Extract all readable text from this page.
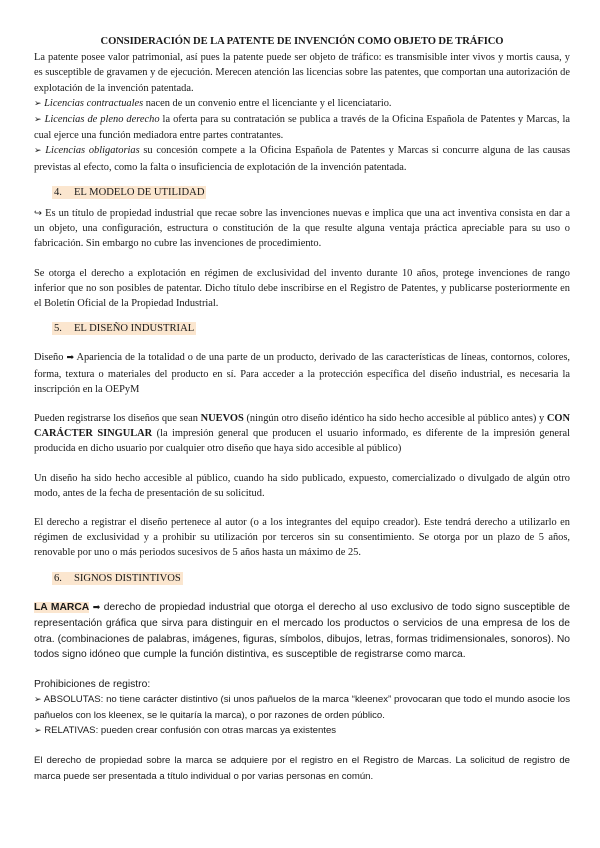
CONSIDERACIÓN DE LA PATENTE DE INVENCIÓN COMO OBJETO DE TRÁFICO

La patente posee valor patrimonial, así pues la patente puede ser objeto de tráfico: es transmisible inter vivos y mortis causa, y es susceptible de gravamen y de ejecución. Merecen atención las licencias sobre las patentes, que comportan una autorización de explotación de la invención patentada.

➢ Licencias contractuales nacen de un convenio entre el licenciante y el licenciatario.

➢ Licencias de pleno derecho la oferta para su contratación se publica a través de la Oficina Española de Patentes y Marcas, la cual ejerce una función mediadora entre partes contratantes.

➢ Licencias obligatorias su concesión compete a la Oficina Española de Patentes y Marcas si concurre alguna de las causas previstas al efecto, como la falta o insuficiencia de explotación de la invención patentada.

4. EL MODELO DE UTILIDAD

↪ Es un título de propiedad industrial que recae sobre las invenciones nuevas e implica que una act inventiva consista en dar a un objeto, una configuración, estructura o constitución de la que resulte alguna ventaja práctica apreciable para su uso o fabricación. Sin embargo no cubre las invenciones de procedimiento.

Se otorga el derecho a explotación en régimen de exclusividad del invento durante 10 años, protege invenciones de rango inferior que no son posibles de patentar. Dicho título debe inscribirse en el Registro de Patentes, y publicarse posteriormente en el Boletín Oficial de la Propiedad Industrial.

5. EL DISEÑO INDUSTRIAL

Diseño ➡ Apariencia de la totalidad o de una parte de un producto, derivado de las características de líneas, contornos, colores, forma, textura o materiales del producto en sí. Para acceder a la protección específica del diseño industrial, es necesaria la inscripción en la OEPyM

Pueden registrarse los diseños que sean NUEVOS (ningún otro diseño idéntico ha sido hecho accesible al público antes) y CON CARÁCTER SINGULAR (la impresión general que producen el usuario informado, es diferente de la impresión general producida en dicho usuario por cualquier otro diseño que haya sido accesible al público)

Un diseño ha sido hecho accesible al público, cuando ha sido publicado, expuesto, comercializado o divulgado de algún otro modo, antes de la fecha de presentación de su solicitud.

El derecho a registrar el diseño pertenece al autor (o a los integrantes del equipo creador). Este tendrá derecho a utilizarlo en régimen de exclusividad y a prohibir su utilización por terceros sin su consentimiento. Se otorga por un plazo de 5 años, renovable por uno o más periodos sucesivos de 5 años hasta un máximo de 25.

6. SIGNOS DISTINTIVOS

LA MARCA ➡ derecho de propiedad industrial que otorga el derecho al uso exclusivo de todo signo susceptible de representación gráfica que sirva para distinguir en el mercado los productos o servicios de una empresa de los de otra. (combinaciones de palabras, imágenes, figuras, símbolos, dibujos, letras, formas tridimensionales, sonoros). No todos signo idóneo que cumple la función distintiva, es susceptible de registrarse como marca.

Prohibiciones de registro:

➢ ABSOLUTAS: no tiene carácter distintivo (si unos pañuelos de la marca “kleenex” provocaran que todo el mundo asocie los pañuelos con los kleenex, se le quitaría la marca), o por razones de orden público.

➢ RELATIVAS: pueden crear confusión con otras marcas ya existentes

El derecho de propiedad sobre la marca se adquiere por el registro en el Registro de Marcas. La solicitud de registro de marca puede ser presentada a título individual o por varias personas en común.
